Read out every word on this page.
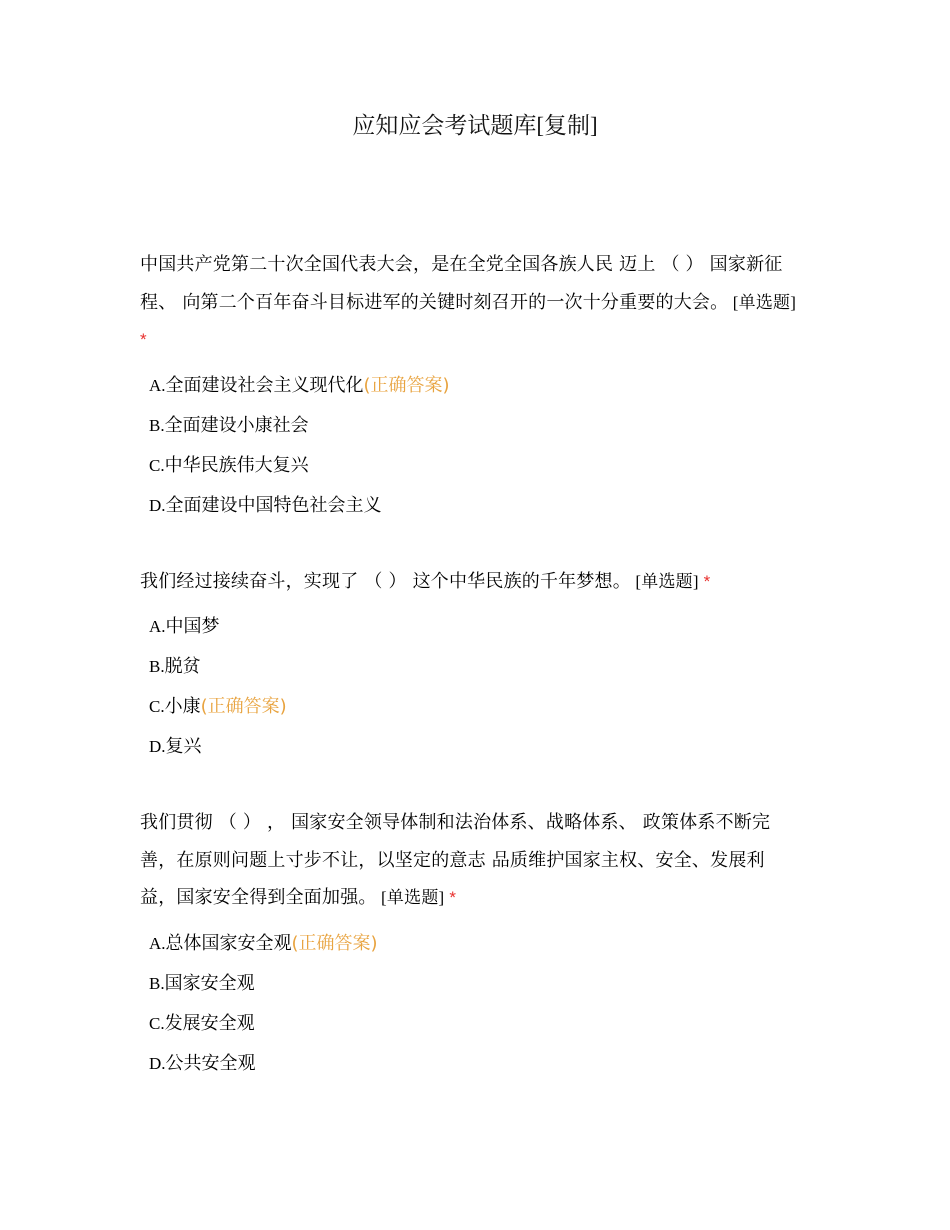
应知应会考试题库[复制]

中国共产党第二十次全国代表大会，是在全党全国各族人民 迈上 （ ） 国家新征程、 向第二个百年奋斗目标进军的关键时刻召开的一次十分重要的大会。 [单选题] *

A.全面建设社会主义现代化(正确答案)
B.全面建设小康社会
C.中华民族伟大复兴
D.全面建设中国特色社会主义

我们经过接续奋斗，实现了 （ ） 这个中华民族的千年梦想。 [单选题] *

A.中国梦
B.脱贫
C.小康(正确答案)
D.复兴

我们贯彻 （ ） ， 国家安全领导体制和法治体系、战略体系、 政策体系不断完善，在原则问题上寸步不让，以坚定的意志 品质维护国家主权、安全、发展利益，国家安全得到全面加强。 [单选题] *

A.总体国家安全观(正确答案)
B.国家安全观
C.发展安全观
D.公共安全观
